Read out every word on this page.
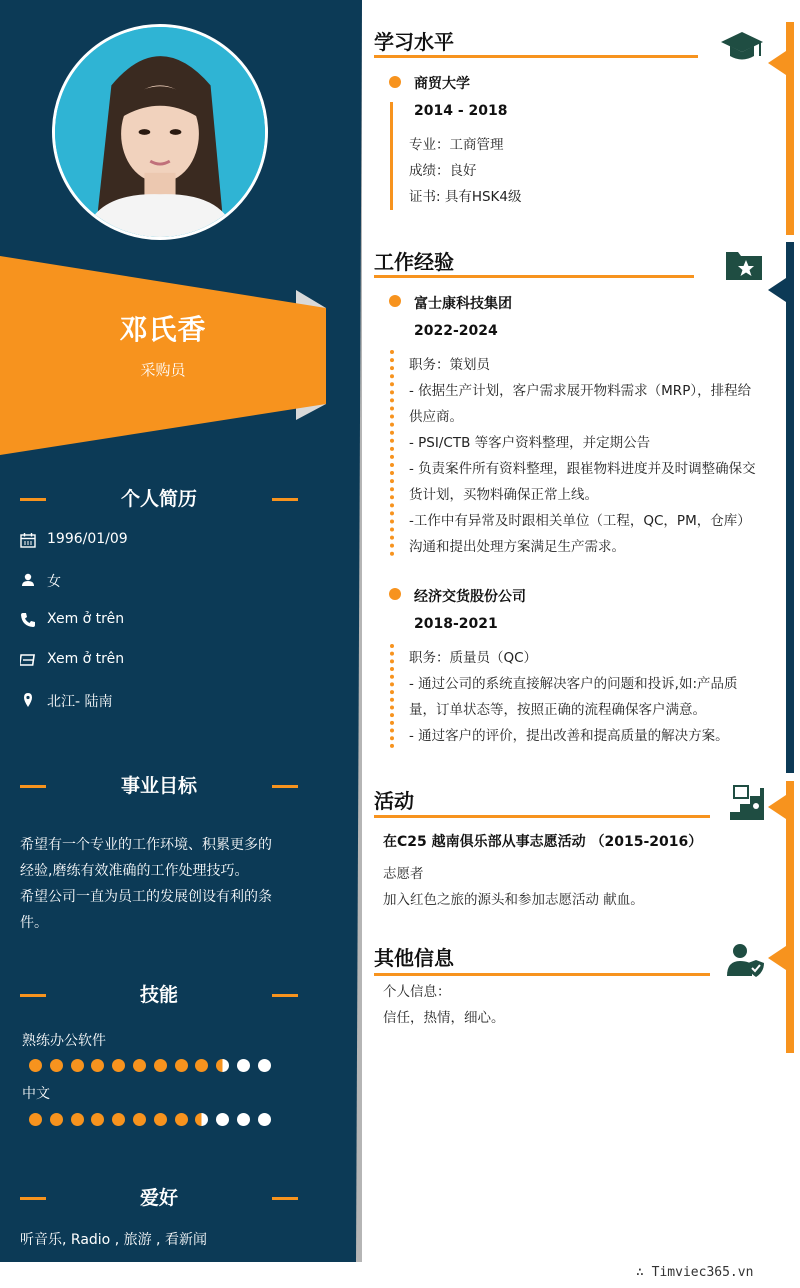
邓氏香
采购员
个人简历
1996/01/09
女
Xem ở trên
Xem ở trên
北江- 陆南
事业目标
希望有一个专业的工作环境、积累更多的
经验,磨练有效准确的工作处理技巧。
希望公司一直为员工的发展创设有利的条
件。
技能
熟练办公软件
中文
爱好
听音乐, Radio , 旅游 , 看新闻
学习水平
商贸大学
2014 - 2018
专业：工商管理
成绩：良好
证书: 具有HSK4级
工作经验
富士康科技集团
2022-2024
职务：策划员
- 依据生产计划，客户需求展开物料需求（MRP），排程给供应商。
- PSI/CTB 等客户资料整理，并定期公告
- 负责案件所有资料整理，跟崔物料进度并及时调整确保交货计划，买物料确保正常上线。
-工作中有异常及时跟相关单位（工程，QC，PM，仓库）沟通和提出处理方案满足生产需求。
经济交货股份公司
2018-2021
职务：质量员（QC）
- 通过公司的系统直接解决客户的问题和投诉,如:产品质量，订单状态等，按照正确的流程确保客户满意。
- 通过客户的评价，提出改善和提高质量的解决方案。
活动
在C25 越南俱乐部从事志愿活动 （2015-2016）
志愿者
加入红色之旅的源头和参加志愿活动 献血。
其他信息
个人信息：
信任，热情，细心。
∴ Timviec365.vn
